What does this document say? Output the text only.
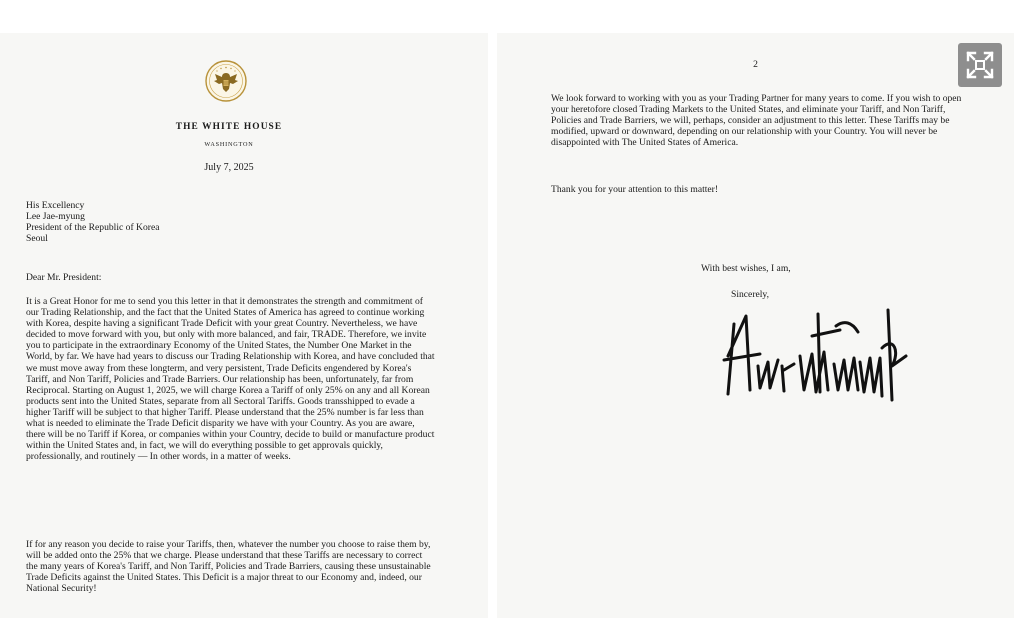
THE WHITE HOUSE

WASHINGTON

July 7, 2025

His Excellency
Lee Jae-myung
President of the Republic of Korea
Seoul

Dear Mr. President:

It is a Great Honor for me to send you this letter in that it demonstrates the strength and commitment of our Trading Relationship, and the fact that the United States of America has agreed to continue working with Korea, despite having a significant Trade Deficit with your great Country. Nevertheless, we have decided to move forward with you, but only with more balanced, and fair, TRADE. Therefore, we invite you to participate in the extraordinary Economy of the United States, the Number One Market in the World, by far. We have had years to discuss our Trading Relationship with Korea, and have concluded that we must move away from these longterm, and very persistent, Trade Deficits engendered by Korea's Tariff, and Non Tariff, Policies and Trade Barriers. Our relationship has been, unfortunately, far from Reciprocal. Starting on August 1, 2025, we will charge Korea a Tariff of only 25% on any and all Korean products sent into the United States, separate from all Sectoral Tariffs. Goods transshipped to evade a higher Tariff will be subject to that higher Tariff. Please understand that the 25% number is far less than what is needed to eliminate the Trade Deficit disparity we have with your Country. As you are aware, there will be no Tariff if Korea, or companies within your Country, decide to build or manufacture product within the United States and, in fact, we will do everything possible to get approvals quickly, professionally, and routinely — In other words, in a matter of weeks.

If for any reason you decide to raise your Tariffs, then, whatever the number you choose to raise them by, will be added onto the 25% that we charge. Please understand that these Tariffs are necessary to correct the many years of Korea's Tariff, and Non Tariff, Policies and Trade Barriers, causing these unsustainable Trade Deficits against the United States. This Deficit is a major threat to our Economy and, indeed, our National Security!

2

We look forward to working with you as your Trading Partner for many years to come. If you wish to open your heretofore closed Trading Markets to the United States, and eliminate your Tariff, and Non Tariff, Policies and Trade Barriers, we will, perhaps, consider an adjustment to this letter. These Tariffs may be modified, upward or downward, depending on our relationship with your Country. You will never be disappointed with The United States of America.

Thank you for your attention to this matter!

With best wishes, I am,

Sincerely,
